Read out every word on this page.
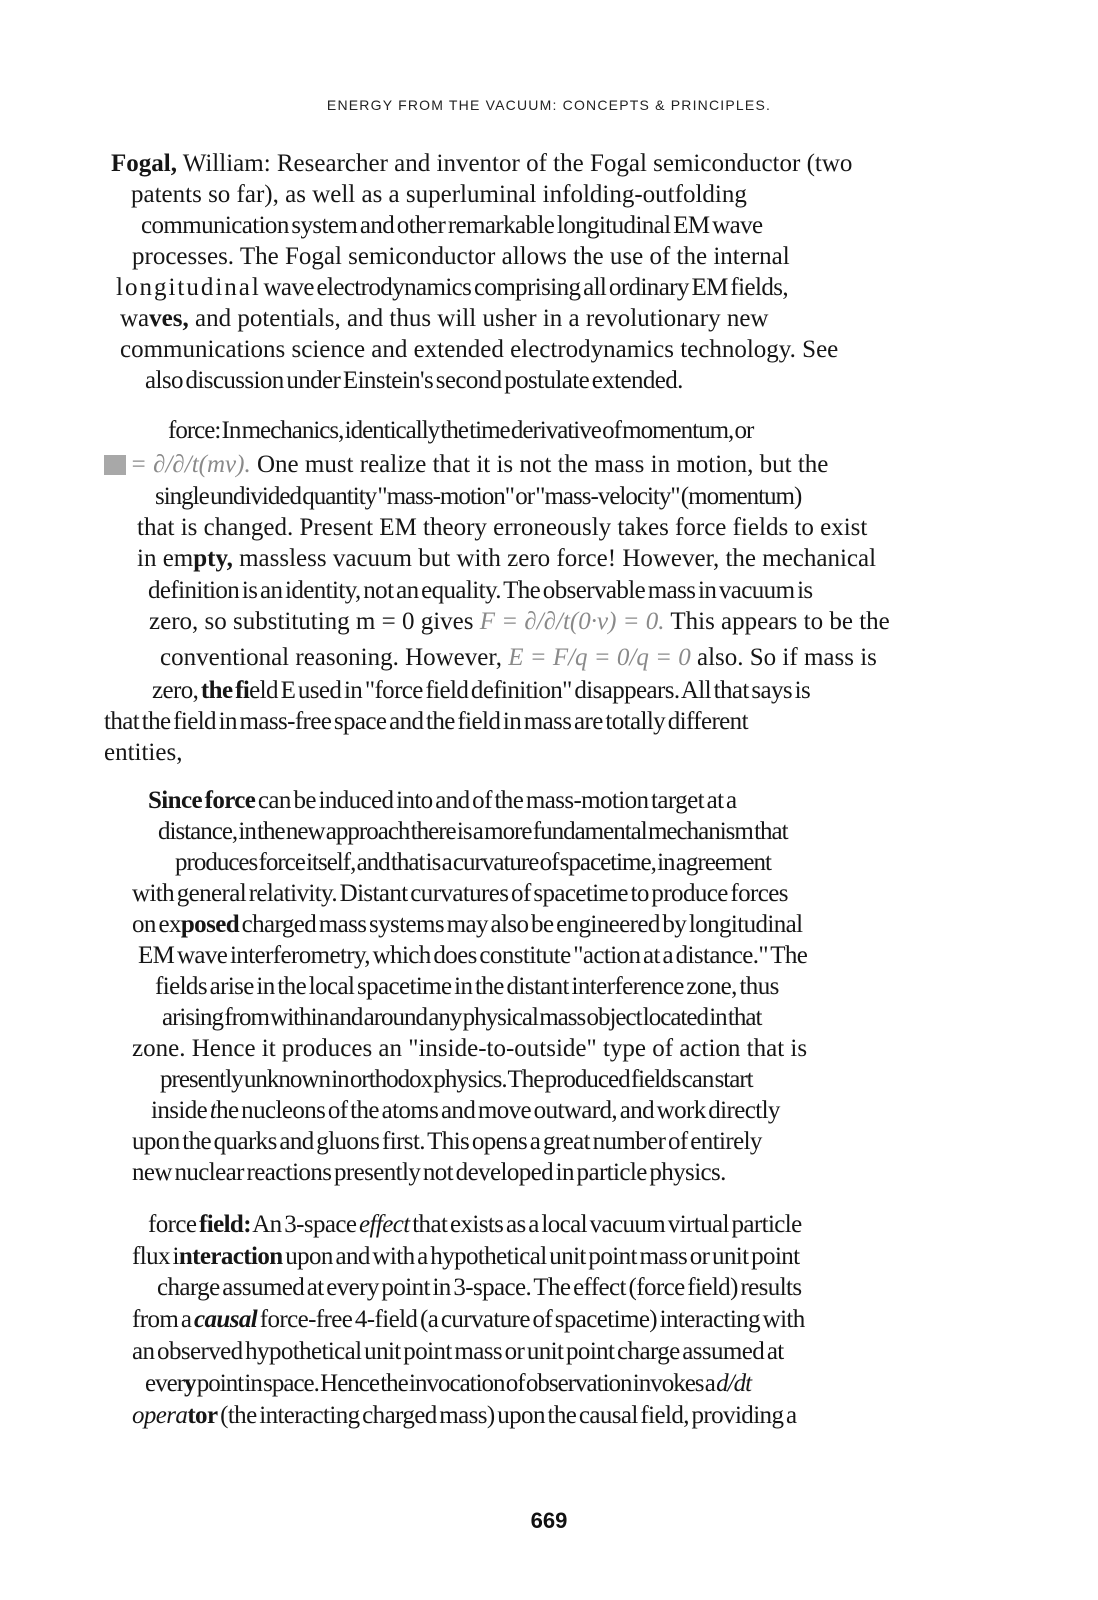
ENERGY FROM THE VACUUM: CONCEPTS & PRINCIPLES.
Fogal, William: Researcher and inventor of the Fogal semiconductor (two
patents so far), as well as a superluminal infolding-outfolding
communication system and other remarkable longitudinal EM wave
processes. The Fogal semiconductor allows the use of the internal
longitudinal wave electrodynamics comprising all ordinary EM fields,
waves, and potentials, and thus will usher in a revolutionary new
communications science and extended electrodynamics technology. See
also discussion under Einstein's second postulate extended.
force: In mechanics, identically the time derivative of momentum, or
= ∂/∂/t(mv). One must realize that it is not the mass in motion, but the
single undivided quantity "mass-motion" or "mass-velocity" (momentum)
that is changed. Present EM theory erroneously takes force fields to exist
in empty, massless vacuum but with zero force! However, the mechanical
definition is an identity, not an equality. The observable mass in vacuum is
zero, so substituting m = 0 gives F = ∂/∂/t(0·v) = 0. This appears to be the
conventional reasoning. However, E = F/q = 0/q = 0 also. So if mass is
zero, the field E used in "force field definition" disappears. All that says is
that the field in mass-free space and the field in mass are totally different
entities,
Since force can be induced into and of the mass-motion target at a
distance, in the new approach there is a more fundamental mechanism that
produces force itself, and that is a curvature of spacetime, in agreement
with general relativity. Distant curvatures of spacetime to produce forces
on exposed charged mass systems may also be engineered by longitudinal
EM wave interferometry, which does constitute "action at a distance." The
fields arise in the local spacetime in the distant interference zone, thus
arising from within and around any physical mass object located in that
zone. Hence it produces an "inside-to-outside" type of action that is
presently unknown in orthodox physics. The produced fields can start
inside the nucleons of the atoms and move outward, and work directly
upon the quarks and gluons first. This opens a great number of entirely
new nuclear reactions presently not developed in particle physics.
force field: An 3-space effect that exists as a local vacuum virtual particle
flux interaction upon and with a hypothetical unit point mass or unit point
charge assumed at every point in 3-space. The effect (force field) results
from a causal force-free 4-field (a curvature of spacetime) interacting with
an observed hypothetical unit point mass or unit point charge assumed at
every point in space. Hence the invocation of observation invokes a d/dt
operator (the interacting charged mass) upon the causal field, providing a
669
